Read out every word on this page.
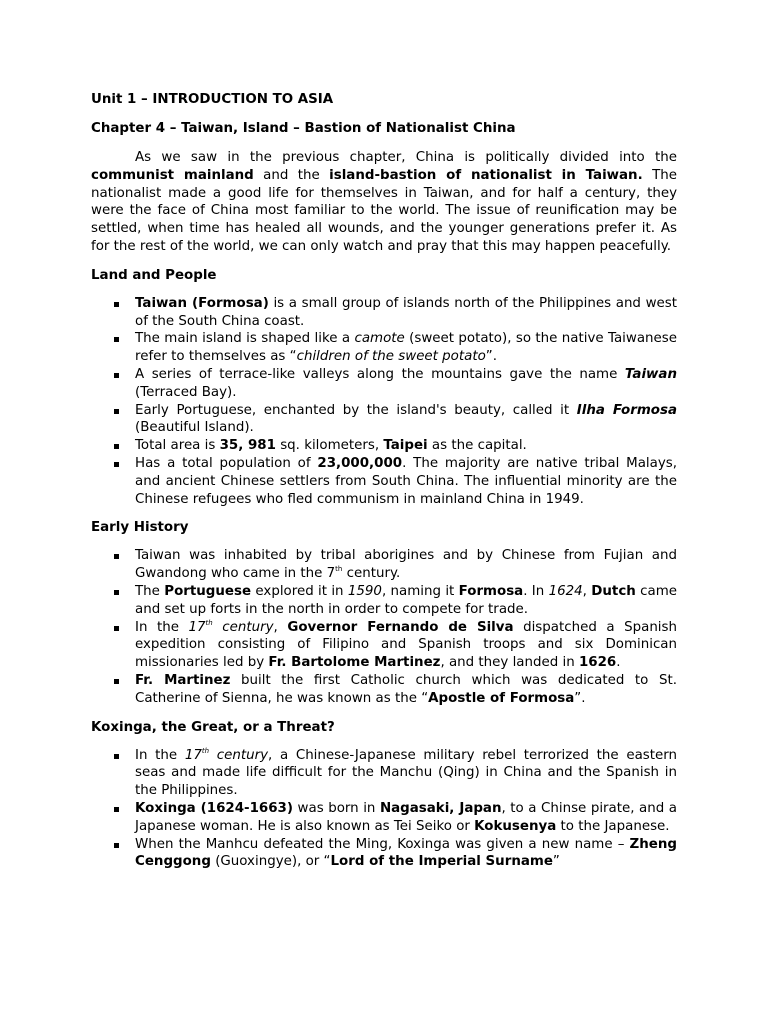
Unit 1 – INTRODUCTION TO ASIA

Chapter 4 – Taiwan, Island – Bastion of Nationalist China

As we saw in the previous chapter, China is politically divided into the communist mainland and the island-bastion of nationalist in Taiwan. The nationalist made a good life for themselves in Taiwan, and for half a century, they were the face of China most familiar to the world. The issue of reunification may be settled, when time has healed all wounds, and the younger generations prefer it. As for the rest of the world, we can only watch and pray that this may happen peacefully.

Land and People

Taiwan (Formosa) is a small group of islands north of the Philippines and west of the South China coast.
The main island is shaped like a camote (sweet potato), so the native Taiwanese refer to themselves as “children of the sweet potato”.
A series of terrace-like valleys along the mountains gave the name Taiwan (Terraced Bay).
Early Portuguese, enchanted by the island's beauty, called it Ilha Formosa (Beautiful Island).
Total area is 35, 981 sq. kilometers, Taipei as the capital.
Has a total population of 23,000,000. The majority are native tribal Malays, and ancient Chinese settlers from South China. The influential minority are the Chinese refugees who fled communism in mainland China in 1949.

Early History

Taiwan was inhabited by tribal aborigines and by Chinese from Fujian and Gwandong who came in the 7th century.
The Portuguese explored it in 1590, naming it Formosa. In 1624, Dutch came and set up forts in the north in order to compete for trade.
In the 17th century, Governor Fernando de Silva dispatched a Spanish expedition consisting of Filipino and Spanish troops and six Dominican missionaries led by Fr. Bartolome Martinez, and they landed in 1626.
Fr. Martinez built the first Catholic church which was dedicated to St. Catherine of Sienna, he was known as the “Apostle of Formosa”.

Koxinga, the Great, or a Threat?

In the 17th century, a Chinese-Japanese military rebel terrorized the eastern seas and made life difficult for the Manchu (Qing) in China and the Spanish in the Philippines.
Koxinga (1624-1663) was born in Nagasaki, Japan, to a Chinse pirate, and a Japanese woman. He is also known as Tei Seiko or Kokusenya to the Japanese.
When the Manhcu defeated the Ming, Koxinga was given a new name – Zheng Cenggong (Guoxingye), or “Lord of the Imperial Surname”
